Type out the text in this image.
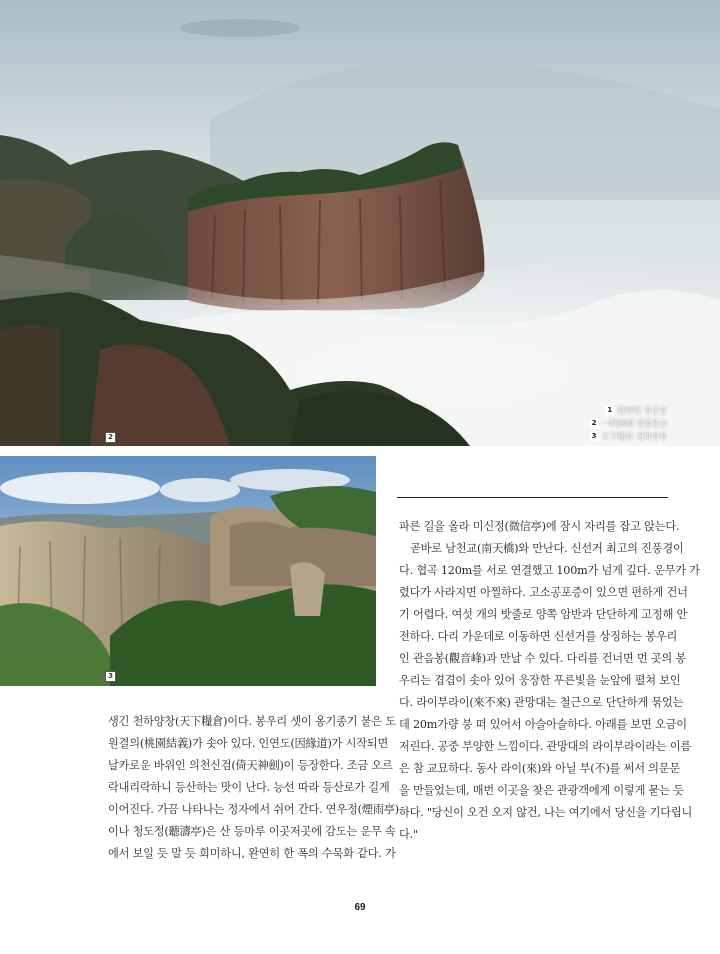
2
1 將軍岩 장군암
2 一帆風順 일범풍순
3 天下糧倉 천하양창
3
파른 길을 올라 미신정(微信亭)에 잠시 자리를 잡고 앉는다.
곧바로 남천교(南天橋)와 만난다. 신선거 최고의 진풍경이
다. 협곡 120m를 서로 연결했고 100m가 넘게 깊다. 운무가 가
렸다가 사라지면 아찔하다. 고소공포증이 있으면 편하게 건너
기 어렵다. 여섯 개의 밧줄로 양쪽 암반과 단단하게 고정해 안
전하다. 다리 가운데로 이동하면 신선거를 상징하는 봉우리
인 관음봉(觀音峰)과 만날 수 있다. 다리를 건너면 먼 곳의 봉
우리는 겹겹이 솟아 있어 웅장한 푸른빛을 눈앞에 펼쳐 보인
다. 라이부라이(來不來) 관망대는 철근으로 단단하게 묶었는
데 20m가량 붕 떠 있어서 아슬아슬하다. 아래를 보면 오금이
저린다. 공중 부양한 느낌이다. 관망대의 라이부라이라는 이름
은 참 교묘하다. 동사 라이(來)와 아닐 부(不)를 써서 의문문
을 만들었는데, 매번 이곳을 찾은 관광객에게 이렇게 묻는 듯
하다. "당신이 오건 오지 않건, 나는 여기에서 당신을 기다립니
다."
생긴 천하양창(天下糧倉)이다. 봉우리 셋이 옹기종기 붙은 도
원결의(桃園結義)가 솟아 있다. 인연도(因緣道)가 시작되면
날카로운 바위인 의천신검(倚天神劍)이 등장한다. 조금 오르
락내리락하니 등산하는 맛이 난다. 능선 따라 등산로가 길게
이어진다. 가끔 나타나는 정자에서 쉬어 간다. 연우정(煙雨亭)
이나 청도정(聽濤亭)은 산 등마루 이곳저곳에 감도는 운무 속
에서 보일 듯 말 듯 희미하니, 완연히 한 폭의 수묵화 같다. 가
69
